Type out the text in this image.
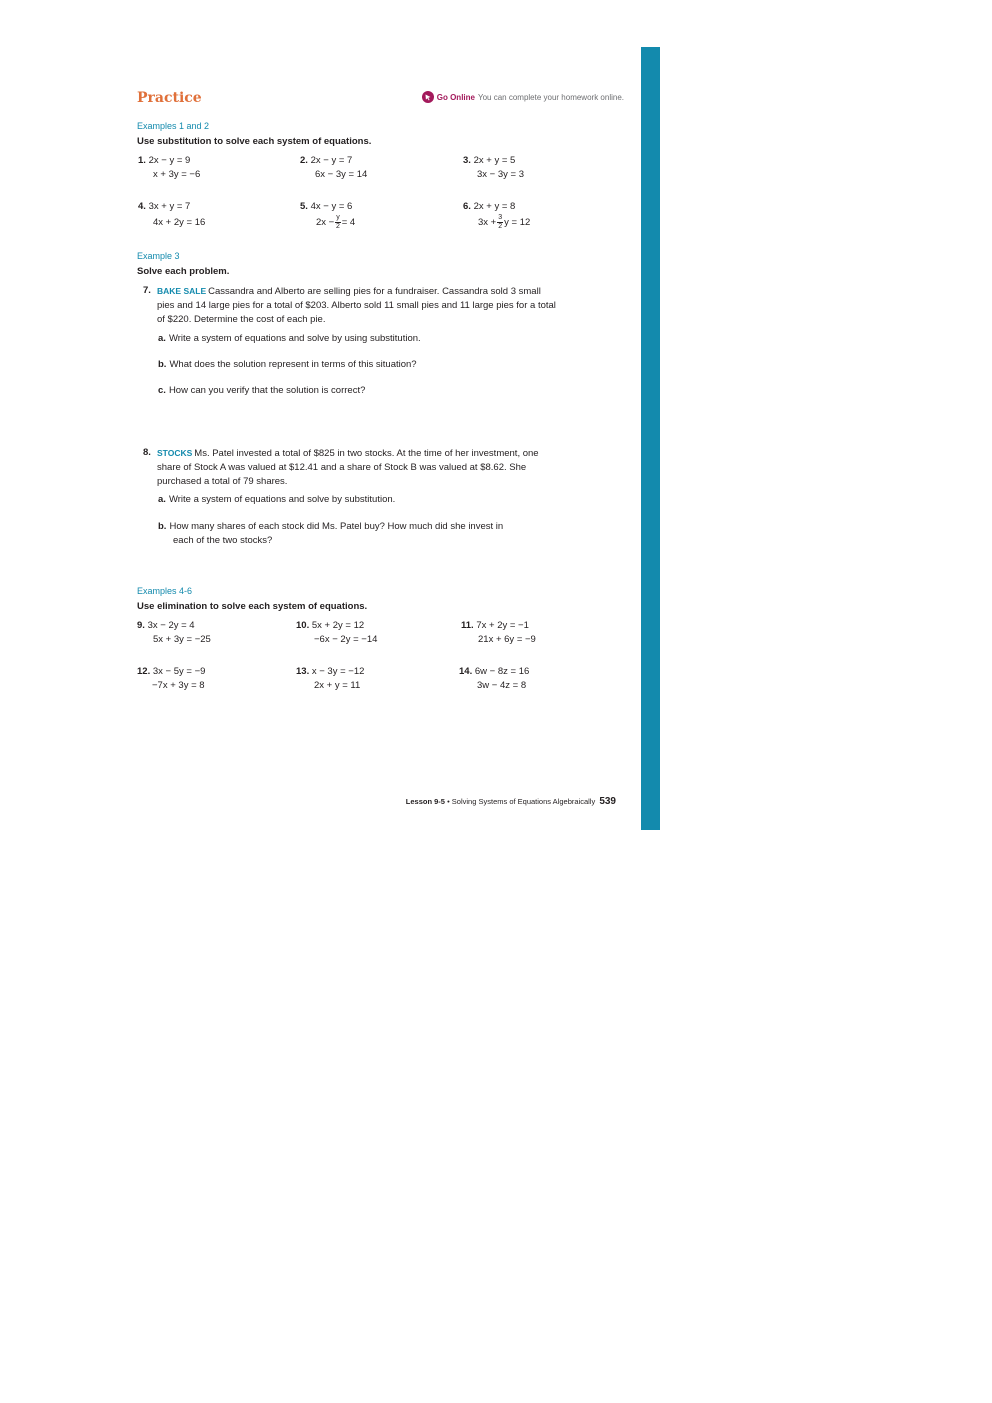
Practice	Go Online You can complete your homework online.
Examples 1 and 2
Use substitution to solve each system of equations.
1. 2x − y = 9
x + 3y = −6
2. 2x − y = 7
6x − 3y = 14
3. 2x + y = 5
3x − 3y = 3
4. 3x + y = 7
4x + 2y = 16
5. 4x − y = 6
$2x - \frac{y}{2} = 4$
6. 2x + y = 8
$3x + \frac{3}{2}$ y = 12
Example 3
Solve each problem.
7. BAKE SALE Cassandra and Alberto are selling pies for a fundraiser. Cassandra sold 3 small pies and 14 large pies for a total of $203. Alberto sold 11 small pies and 11 large pies for a total of $220. Determine the cost of each pie.
a. Write a system of equations and solve by using substitution.
b. What does the solution represent in terms of this situation?
c. How can you verify that the solution is correct?
8. STOCKS Ms. Patel invested a total of $825 in two stocks. At the time of her investment, one share of Stock A was valued at $12.41 and a share of Stock B was valued at $8.62. She purchased a total of 79 shares.
a. Write a system of equations and solve by substitution.
b. How many shares of each stock did Ms. Patel buy? How much did she invest in
each of the two stocks?
Examples 4-6
Use elimination to solve each system of equations.
9. 3x − 2y = 4
5x + 3y = −25
10. 5x + 2y = 12
−6x − 2y = −14
11. 7x + 2y = −1
21x + 6y = −9
12. 3x − 5y = −9
−7x + 3y = 8
13. x − 3y = −12
2x + y = 11
14. 6w − 8z = 16
3w − 4z = 8
Lesson 9-5 • Solving Systems of Equations Algebraically 539
